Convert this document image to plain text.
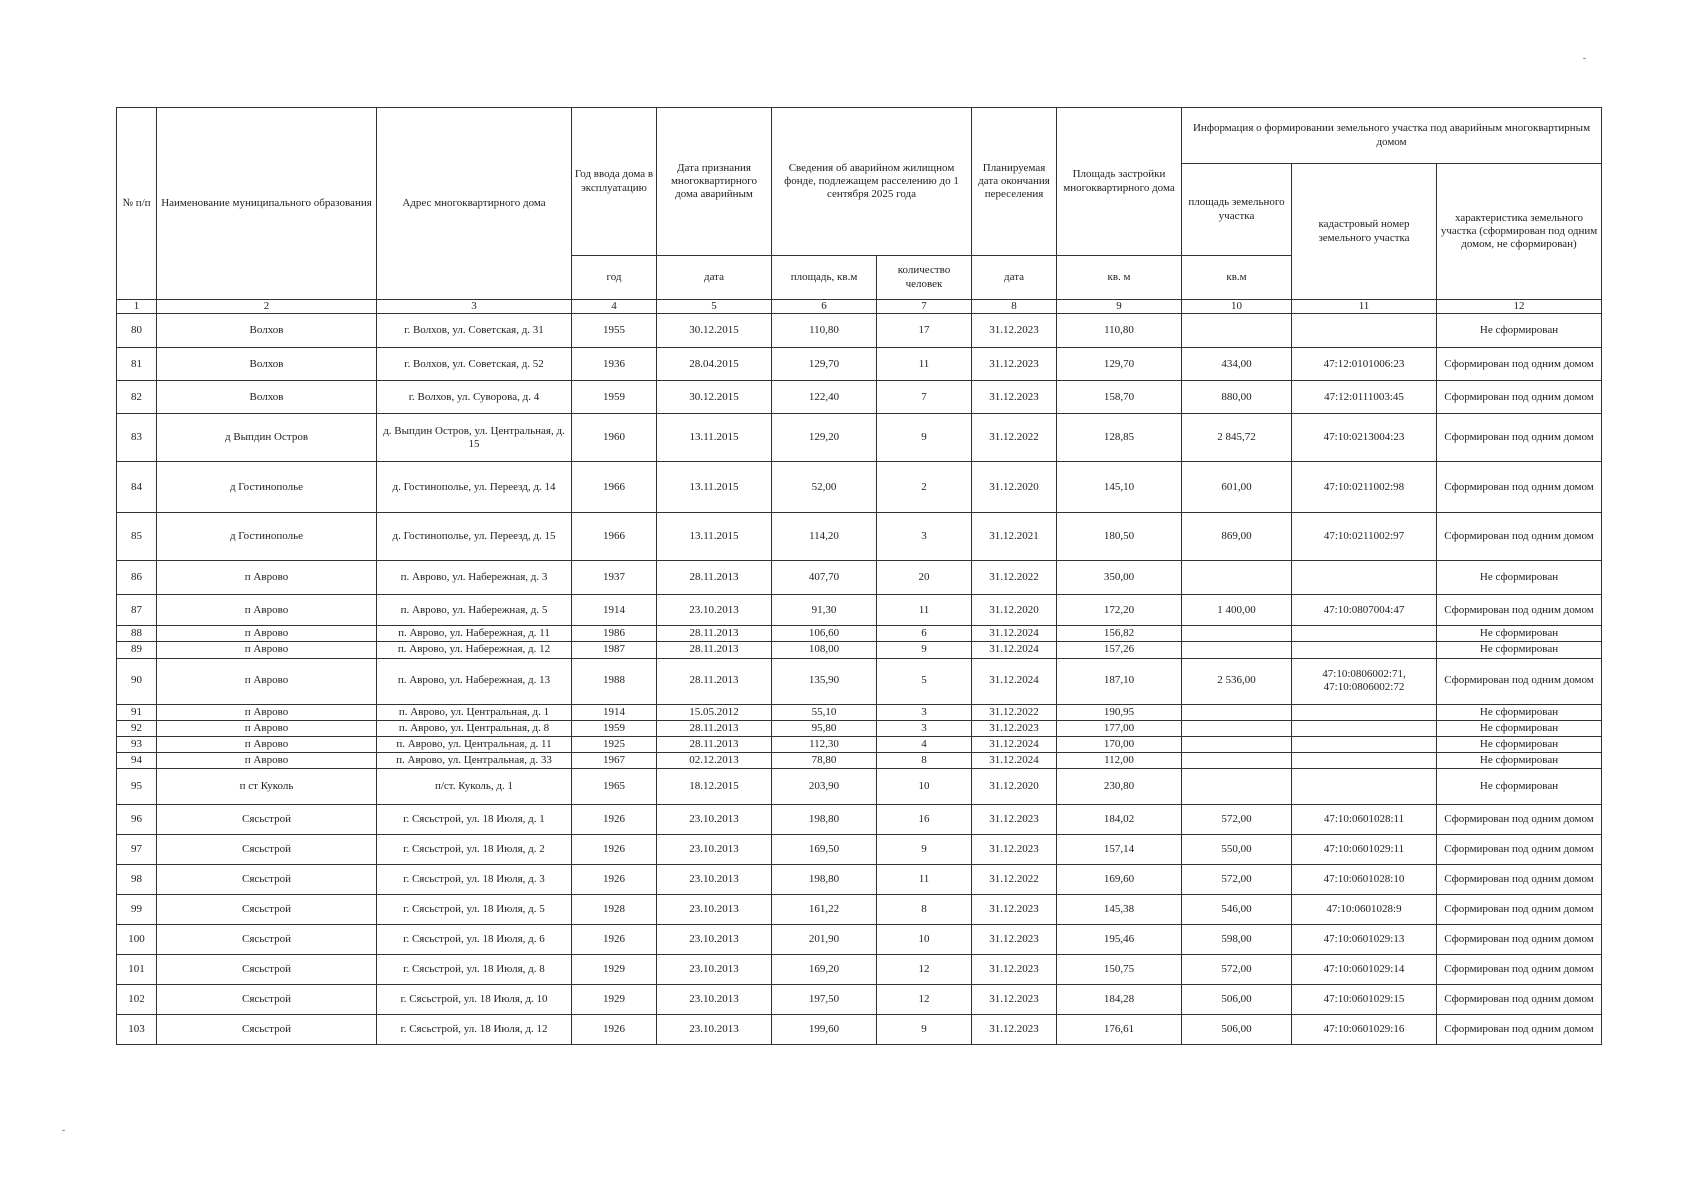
№ п/п	Наименование муниципального образования	Адрес многоквартирного дома	Год ввода дома в эксплуатацию	Дата признания многоквартирного дома аварийным	Сведения об аварийном жилищном фонде, подлежащем расселению до 1 сентября 2025 года		Планируемая дата окончания переселения	Площадь застройки многоквартирного дома	Информация о формировании земельного участка под аварийным многоквартирным домом		
									площадь земельного участка	кадастровый номер земельного участка	характеристика земельного участка (сформирован под одним домом, не сформирован)
			год	дата	площадь, кв.м	количество человек	дата	кв. м	кв.м		
1	2	3	4	5	6	7	8	9	10	11	12
80	Волхов	г. Волхов, ул. Советская, д. 31	1955	30.12.2015	110,80	17	31.12.2023	110,80			Не сформирован
81	Волхов	г. Волхов, ул. Советская, д. 52	1936	28.04.2015	129,70	11	31.12.2023	129,70	434,00	47:12:0101006:23	Сформирован под одним домом
82	Волхов	г. Волхов, ул. Суворова, д. 4	1959	30.12.2015	122,40	7	31.12.2023	158,70	880,00	47:12:0111003:45	Сформирован под одним домом
83	д Выпдин Остров	д. Выпдин Остров, ул. Центральная, д. 15	1960	13.11.2015	129,20	9	31.12.2022	128,85	2 845,72	47:10:0213004:23	Сформирован под одним домом
84	д Гостинополье	д. Гостинополье, ул. Переезд, д. 14	1966	13.11.2015	52,00	2	31.12.2020	145,10	601,00	47:10:0211002:98	Сформирован под одним домом
85	д Гостинополье	д. Гостинополье, ул. Переезд, д. 15	1966	13.11.2015	114,20	3	31.12.2021	180,50	869,00	47:10:0211002:97	Сформирован под одним домом
86	п Аврово	п. Аврово, ул. Набережная, д. 3	1937	28.11.2013	407,70	20	31.12.2022	350,00			Не сформирован
87	п Аврово	п. Аврово, ул. Набережная, д. 5	1914	23.10.2013	91,30	11	31.12.2020	172,20	1 400,00	47:10:0807004:47	Сформирован под одним домом
88	п Аврово	п. Аврово, ул. Набережная, д. 11	1986	28.11.2013	106,60	6	31.12.2024	156,82			Не сформирован
89	п Аврово	п. Аврово, ул. Набережная, д. 12	1987	28.11.2013	108,00	9	31.12.2024	157,26			Не сформирован
90	п Аврово	п. Аврово, ул. Набережная, д. 13	1988	28.11.2013	135,90	5	31.12.2024	187,10	2 536,00	47:10:0806002:71, 47:10:0806002:72	Сформирован под одним домом
91	п Аврово	п. Аврово, ул. Центральная, д. 1	1914	15.05.2012	55,10	3	31.12.2022	190,95			Не сформирован
92	п Аврово	п. Аврово, ул. Центральная, д. 8	1959	28.11.2013	95,80	3	31.12.2023	177,00			Не сформирован
93	п Аврово	п. Аврово, ул. Центральная, д. 11	1925	28.11.2013	112,30	4	31.12.2024	170,00			Не сформирован
94	п Аврово	п. Аврово, ул. Центральная, д. 33	1967	02.12.2013	78,80	8	31.12.2024	112,00			Не сформирован
95	п ст Куколь	п/ст. Куколь, д. 1	1965	18.12.2015	203,90	10	31.12.2020	230,80			Не сформирован
96	Сясьстрой	г. Сясьстрой, ул. 18 Июля, д. 1	1926	23.10.2013	198,80	16	31.12.2023	184,02	572,00	47:10:0601028:11	Сформирован под одним домом
97	Сясьстрой	г. Сясьстрой, ул. 18 Июля, д. 2	1926	23.10.2013	169,50	9	31.12.2023	157,14	550,00	47:10:0601029:11	Сформирован под одним домом
98	Сясьстрой	г. Сясьстрой, ул. 18 Июля, д. 3	1926	23.10.2013	198,80	11	31.12.2022	169,60	572,00	47:10:0601028:10	Сформирован под одним домом
99	Сясьстрой	г. Сясьстрой, ул. 18 Июля, д. 5	1928	23.10.2013	161,22	8	31.12.2023	145,38	546,00	47:10:0601028:9	Сформирован под одним домом
100	Сясьстрой	г. Сясьстрой, ул. 18 Июля, д. 6	1926	23.10.2013	201,90	10	31.12.2023	195,46	598,00	47:10:0601029:13	Сформирован под одним домом
101	Сясьстрой	г. Сясьстрой, ул. 18 Июля, д. 8	1929	23.10.2013	169,20	12	31.12.2023	150,75	572,00	47:10:0601029:14	Сформирован под одним домом
102	Сясьстрой	г. Сясьстрой, ул. 18 Июля, д. 10	1929	23.10.2013	197,50	12	31.12.2023	184,28	506,00	47:10:0601029:15	Сформирован под одним домом
103	Сясьстрой	г. Сясьстрой, ул. 18 Июля, д. 12	1926	23.10.2013	199,60	9	31.12.2023	176,61	506,00	47:10:0601029:16	Сформирован под одним домом
